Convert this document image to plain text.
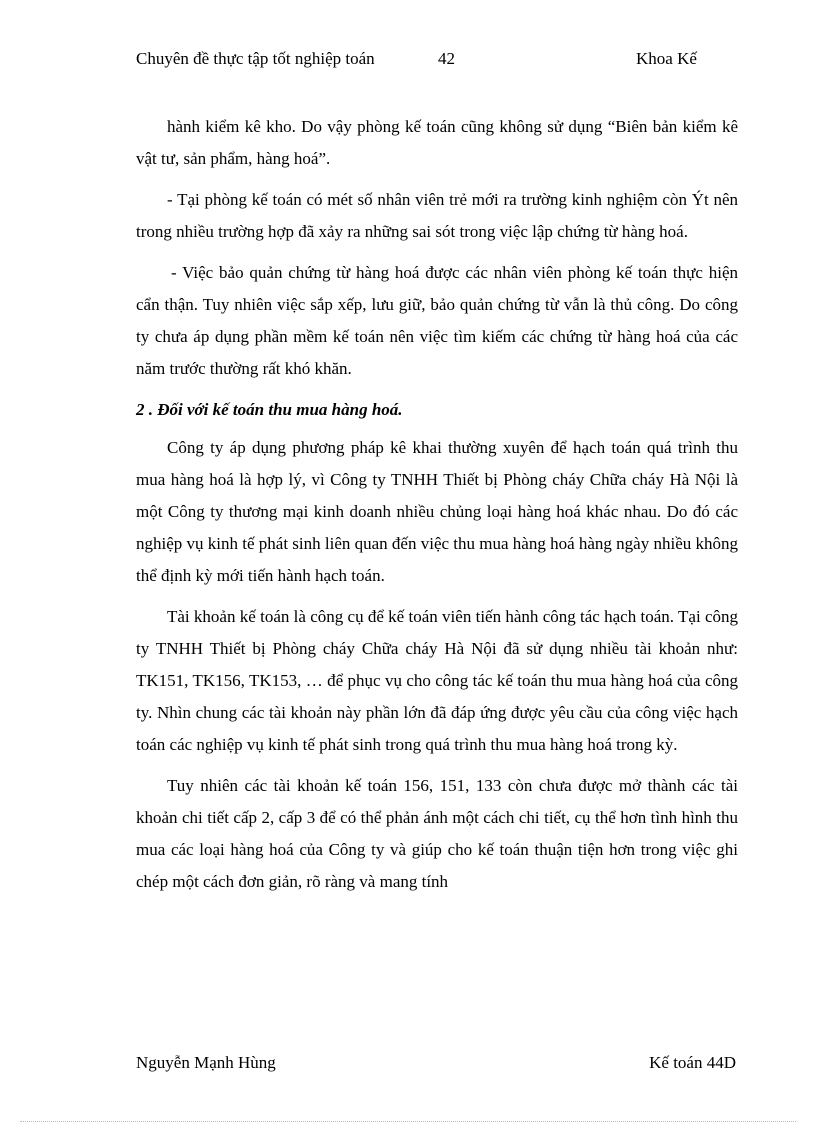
Chuyên đề thực tập tốt nghiệp toán	42	Khoa Kế

hành kiểm kê kho. Do vậy phòng kế toán cũng không sử dụng “Biên bản kiểm kê vật tư, sản phẩm, hàng hoá”.

- Tại phòng kế toán có mét số nhân viên trẻ mới ra trường kinh nghiệm còn Ýt nên trong nhiều trường hợp đã xảy ra những sai sót trong việc lập chứng từ hàng hoá.

- Việc bảo quản chứng từ hàng hoá được các nhân viên phòng kế toán thực hiện cẩn thận. Tuy nhiên việc sắp xếp, lưu giữ, bảo quản chứng từ vẫn là thủ công. Do công ty chưa áp dụng phần mềm kế toán nên việc tìm kiếm các chứng từ hàng hoá của các năm trước thường rất khó khăn.

2 . Đối với kế toán thu mua hàng hoá.

Công ty áp dụng phương pháp kê khai thường xuyên để hạch toán quá trình thu mua hàng hoá là hợp lý, vì Công ty TNHH Thiết bị Phòng cháy Chữa cháy Hà Nội là một Công ty thương mại kinh doanh nhiều chủng loại hàng hoá khác nhau. Do đó các nghiệp vụ kinh tế phát sinh liên quan đến việc thu mua hàng hoá hàng ngày nhiều không thể định kỳ mới tiến hành hạch toán.

Tài khoản kế toán là công cụ để kế toán viên tiến hành công tác hạch toán. Tại công ty TNHH Thiết bị Phòng cháy Chữa cháy Hà Nội đã sử dụng nhiều tài khoản như: TK151, TK156, TK153, … để phục vụ cho công tác kế toán thu mua hàng hoá của công ty. Nhìn chung các tài khoản này phần lớn đã đáp ứng được yêu cầu của công việc hạch toán các nghiệp vụ kinh tế phát sinh trong quá trình thu mua hàng hoá trong kỳ.

Tuy nhiên các tài khoản kế toán 156, 151, 133 còn chưa được mở thành các tài khoản chi tiết cấp 2, cấp 3 để có thể phản ánh một cách chi tiết, cụ thể hơn tình hình thu mua các loại hàng hoá của Công ty và giúp cho kế toán thuận tiện hơn trong việc ghi chép một cách đơn giản, rõ ràng và mang tính

Nguyễn Mạnh Hùng	Kế toán 44D
